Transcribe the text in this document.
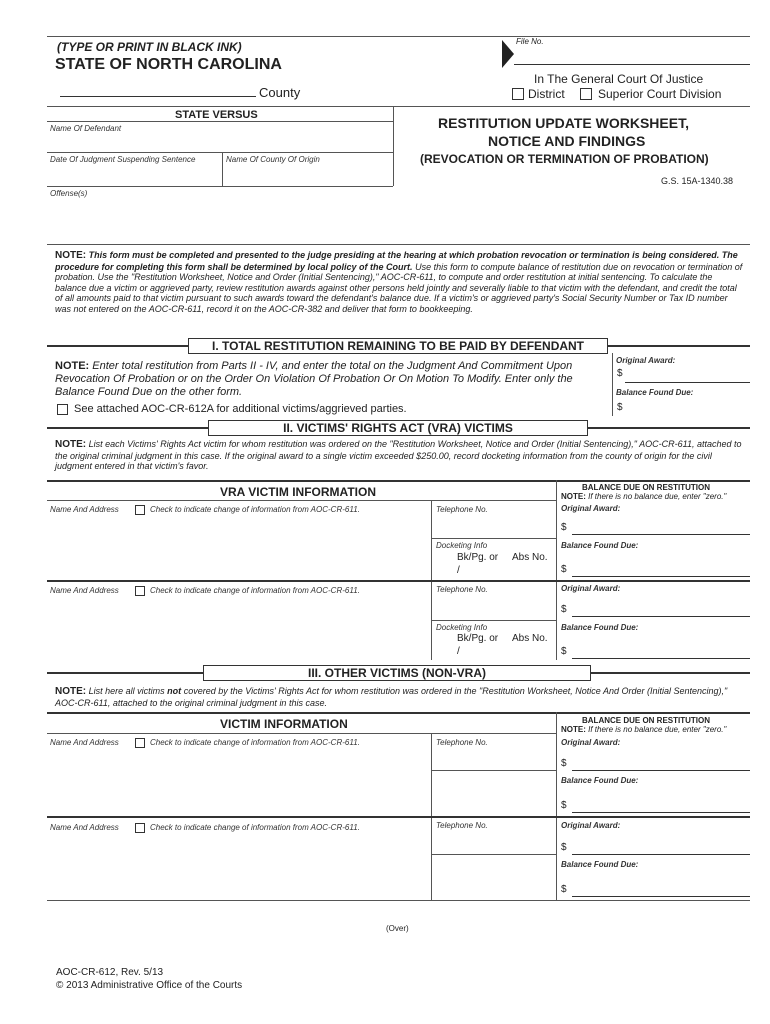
(TYPE OR PRINT IN BLACK INK)
STATE OF NORTH CAROLINA
County
File No.
In The General Court Of Justice
District	Superior Court Division
STATE VERSUS
Name Of Defendant
Date Of Judgment Suspending Sentence	Name Of County Of Origin
Offense(s)
RESTITUTION UPDATE WORKSHEET,
NOTICE AND FINDINGS
(REVOCATION OR TERMINATION OF PROBATION)
G.S. 15A-1340.38
NOTE: This form must be completed and presented to the judge presiding at the hearing at which probation revocation or termination is being considered. The procedure for completing this form shall be determined by local policy of the Court. Use this form to compute balance of restitution due on revocation or termination of probation. Use the "Restitution Worksheet, Notice and Order (Initial Sentencing)," AOC-CR-611, to compute and order restitution at initial sentencing. To calculate the balance due a victim or aggrieved party, review restitution awards against other persons held jointly and severally liable to that victim with the defendant, and credit the total of all amounts paid to that victim pursuant to such awards toward the defendant's balance due. If a victim's or aggrieved party's Social Security Number or Tax ID number was not entered on the AOC-CR-611, record it on the AOC-CR-382 and deliver that form to bookkeeping.
I. TOTAL RESTITUTION REMAINING TO BE PAID BY DEFENDANT
NOTE: Enter total restitution from Parts II - IV, and enter the total on the Judgment And Commitment Upon Revocation Of Probation or on the Order On Violation Of Probation Or On Motion To Modify. Enter only the Balance Found Due on the other form.
Original Award:
$
Balance Found Due:
$
See attached AOC-CR-612A for additional victims/aggrieved parties.
II. VICTIMS' RIGHTS ACT (VRA) VICTIMS
NOTE: List each Victims' Rights Act victim for whom restitution was ordered on the "Restitution Worksheet, Notice and Order (Initial Sentencing)," AOC-CR-611, attached to the original criminal judgment in this case. If the original award to a single victim exceeded $250.00, record docketing information from the county of origin for the civil judgment entered in that victim's favor.
VRA VICTIM INFORMATION	BALANCE DUE ON RESTITUTION
NOTE: If there is no balance due, enter "zero."
Name And Address	Check to indicate change of information from AOC-CR-611.	Telephone No.
Docketing Info
Bk/Pg. or Abs No.
/
Original Award:
$
Balance Found Due:
$
Name And Address	Check to indicate change of information from AOC-CR-611.	Telephone No.
Docketing Info
Bk/Pg. or Abs No.
/
Original Award:
$
Balance Found Due:
$
III. OTHER VICTIMS (NON-VRA)
NOTE: List here all victims not covered by the Victims' Rights Act for whom restitution was ordered in the "Restitution Worksheet, Notice And Order (Initial Sentencing)," AOC-CR-611, attached to the original criminal judgment in this case.
VICTIM INFORMATION	BALANCE DUE ON RESTITUTION
NOTE: If there is no balance due, enter "zero."
Name And Address	Check to indicate change of information from AOC-CR-611.	Telephone No.	Original Award:
$
Balance Found Due:
$
Name And Address	Check to indicate change of information from AOC-CR-611.	Telephone No.	Original Award:
$
Balance Found Due:
$
(Over)
AOC-CR-612, Rev. 5/13
© 2013 Administrative Office of the Courts
